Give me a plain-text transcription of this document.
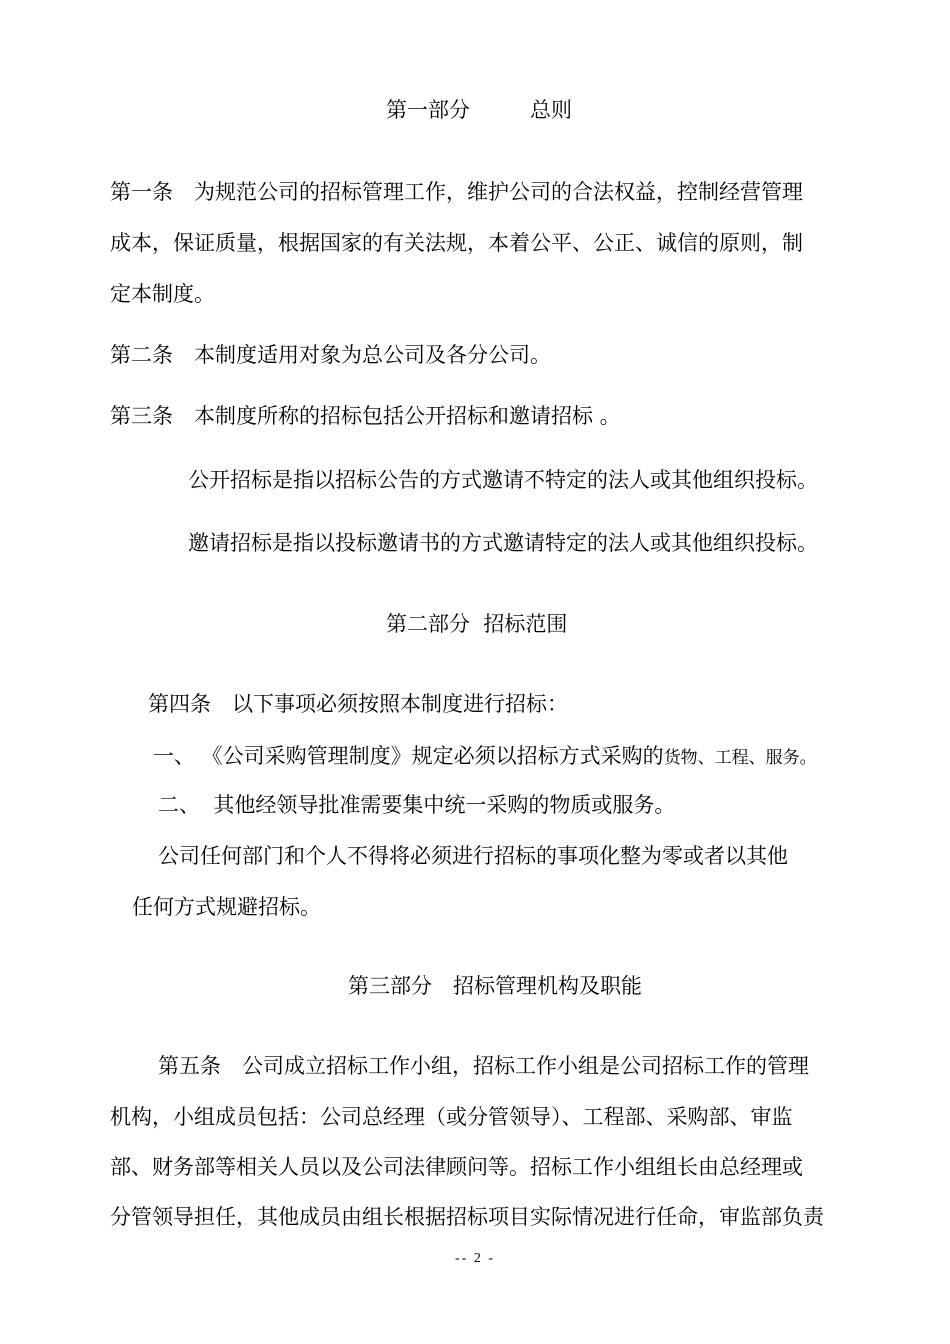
第一部分	总则
第一条　为规范公司的招标管理工作，维护公司的合法权益，控制经营管理
成本，保证质量，根据国家的有关法规，本着公平、公正、诚信的原则，制
定本制度。
第二条　本制度适用对象为总公司及各分公司。
第三条　本制度所称的招标包括公开招标和邀请招标 。
公开招标是指以招标公告的方式邀请不特定的法人或其他组织投标。
邀请招标是指以投标邀请书的方式邀请特定的法人或其他组织投标。
第二部分  招标范围
第四条　以下事项必须按照本制度进行招标：
一、 《公司采购管理制度》规定必须以招标方式采购的货物、工程、服务。
二、  其他经领导批准需要集中统一采购的物质或服务。
公司任何部门和个人不得将必须进行招标的事项化整为零或者以其他
任何方式规避招标。
第三部分　招标管理机构及职能
第五条　公司成立招标工作小组，招标工作小组是公司招标工作的管理
机构，小组成员包括：公司总经理（或分管领导）、工程部、采购部、审监
部、财务部等相关人员以及公司法律顾问等。招标工作小组组长由总经理或
分管领导担任，其他成员由组长根据招标项目实际情况进行任命，审监部负责
-- 2 -
